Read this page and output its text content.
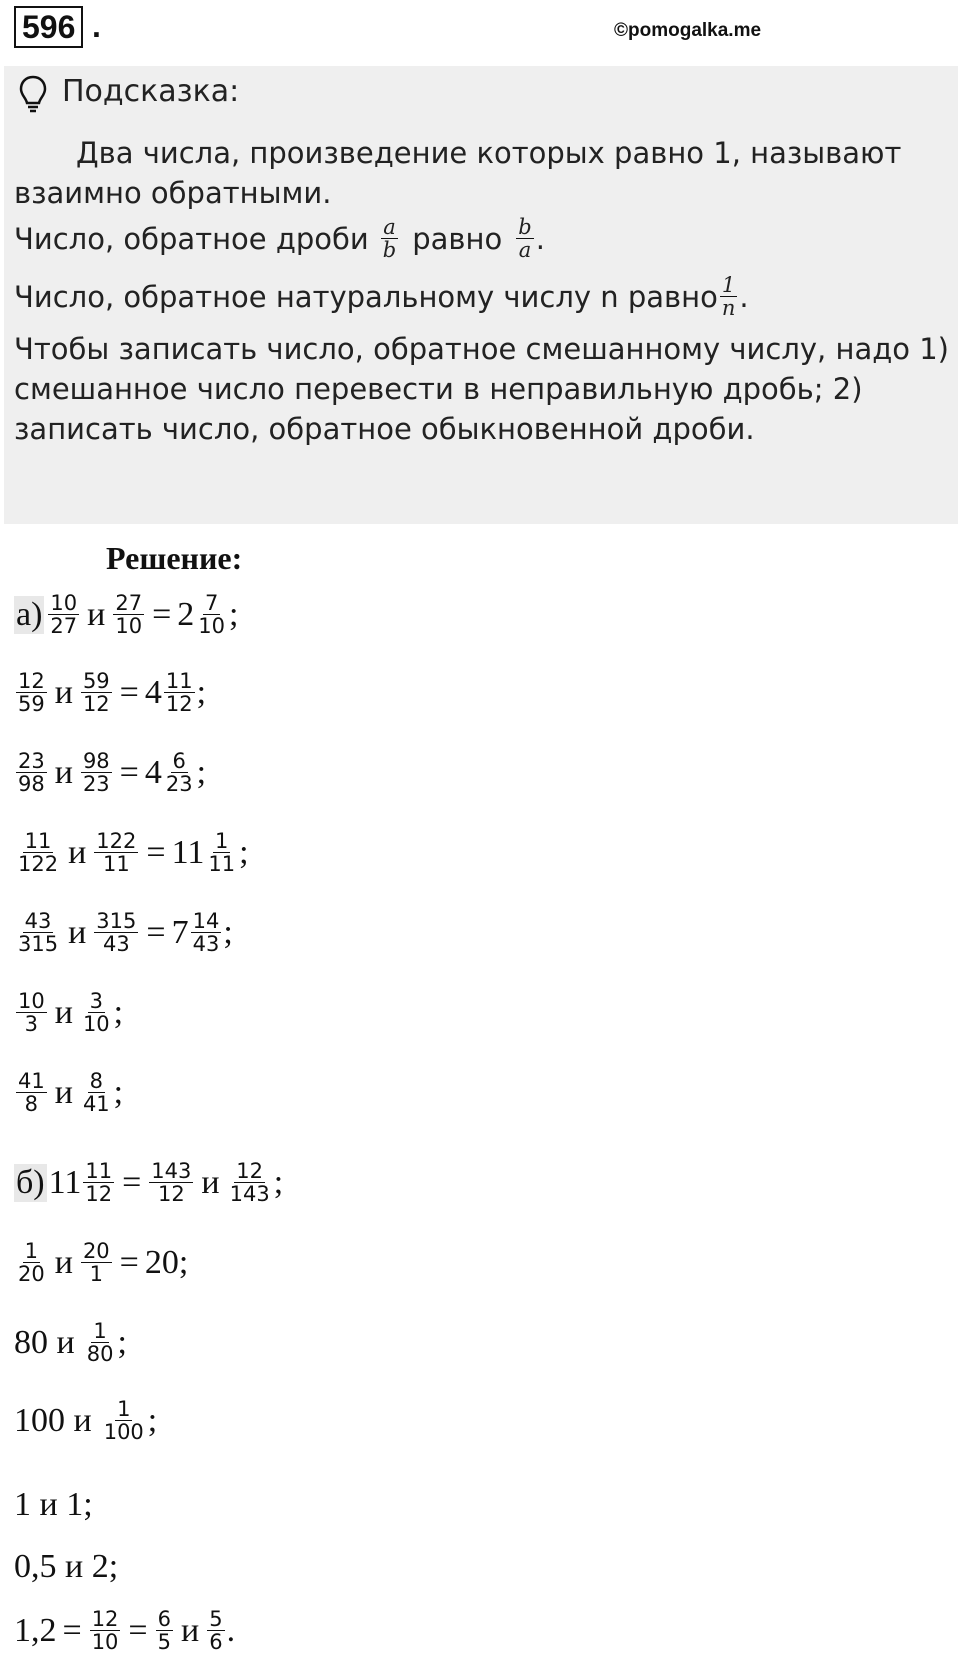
596 .	©pomogalka.me
Подсказка:
Два числа, произведение которых равно 1, называют
взаимно обратными.
Число, обратное дроби $\frac{a}{b}$ равно $\frac{b}{a}$ .
Число, обратное натуральному числу n равно $\frac{1}{n}$ .
Чтобы записать число, обратное смешанному числу, надо 1)
смешанное число перевести в неправильную дробь; 2)
записать число, обратное обыкновенной дроби.
Решение:
$а) \frac{10}{27}$ и $\frac{27}{10} = 2 \frac{7}{10}$ ;
$\frac{12}{59}$ и $\frac{59}{12} = 4 \frac{11}{12}$ ;
$\frac{23}{98}$ и $\frac{98}{23} = 4 \frac{6}{23}$ ;
$\frac{11}{122}$ и $\frac{122}{11} = 11 \frac{1}{11}$ ;
$\frac{43}{315}$ и $\frac{315}{43} = 7 \frac{14}{43}$ ;
$\frac{10}{3}$ и $\frac{3}{10}$ ;
$\frac{41}{8}$ и $\frac{8}{41}$ ;
б) $11 \frac{11}{12} = \frac{143}{12}$ и $\frac{12}{143}$ ;
$\frac{1}{20}$ и $\frac{20}{1} = 20$ ;
80 и $\frac{1}{80}$ ;
100 и $\frac{1}{100}$ ;
1 и 1;
0,5 и 2;
$1,2 = \frac{12}{10} = \frac{6}{5}$ и $\frac{5}{6}$ .
